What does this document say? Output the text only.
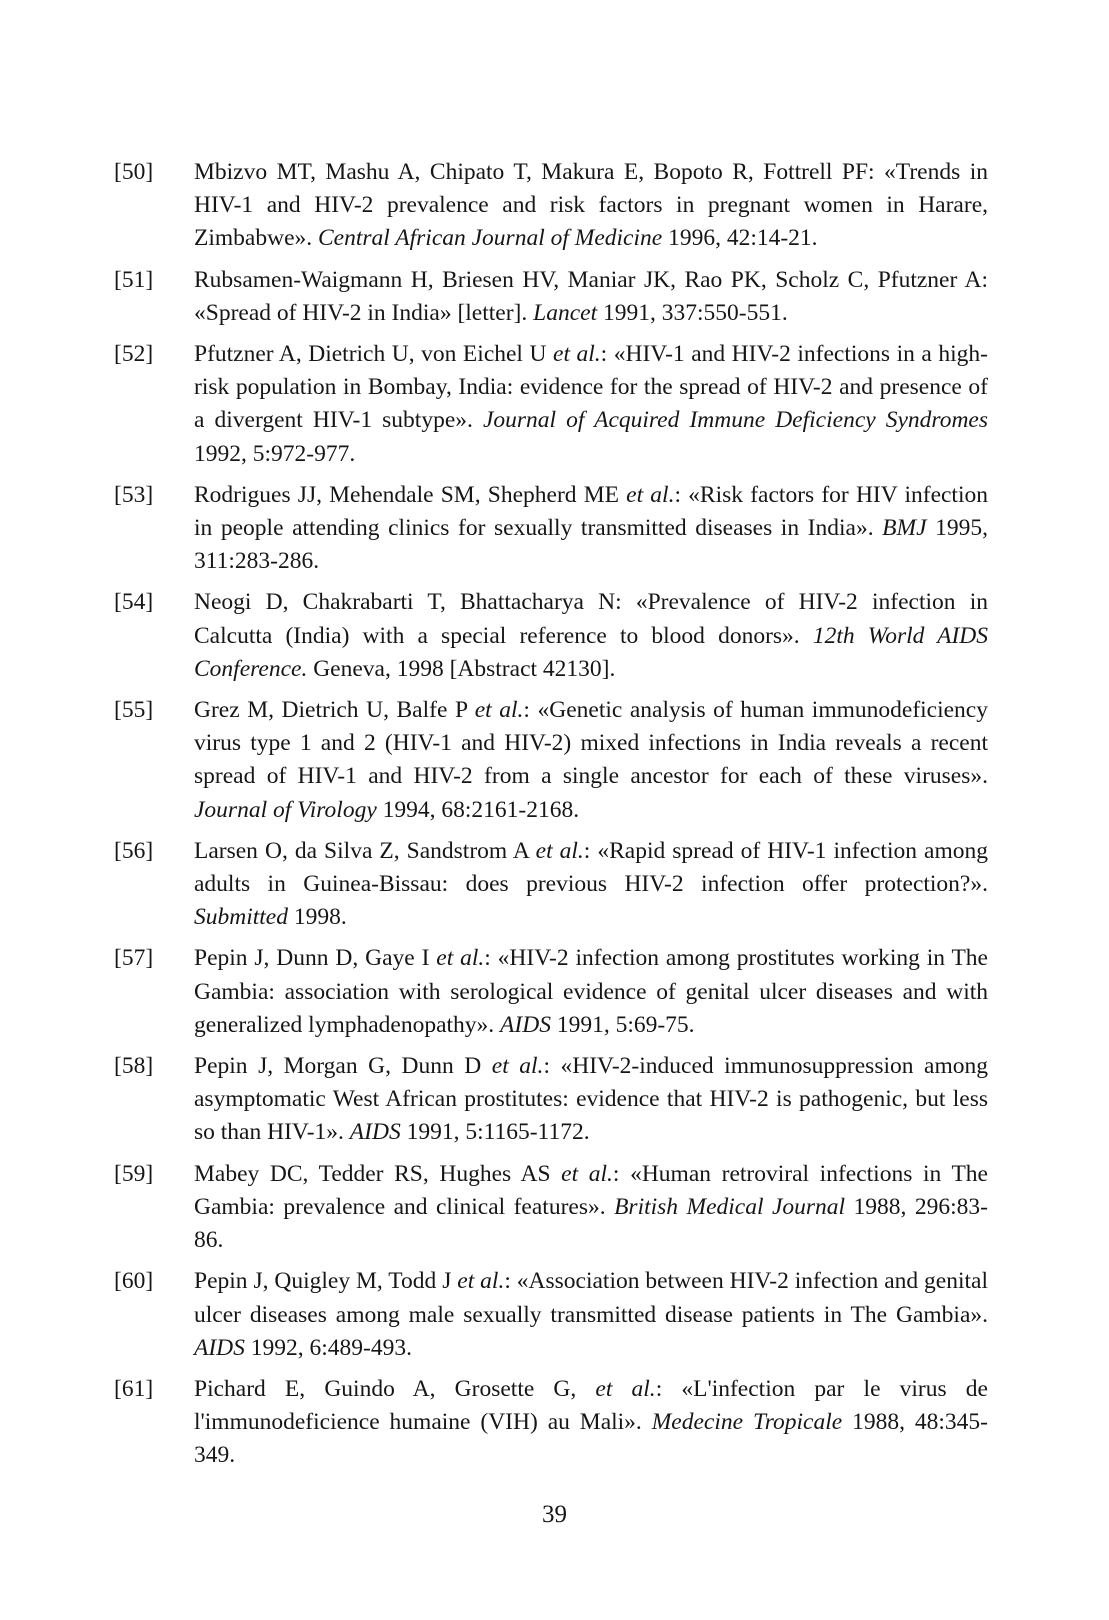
[50]	Mbizvo MT, Mashu A, Chipato T, Makura E, Bopoto R, Fottrell PF: «Trends in HIV-1 and HIV-2 prevalence and risk factors in pregnant women in Harare, Zimbabwe». Central African Journal of Medicine 1996, 42:14-21.
[51]	Rubsamen-Waigmann H, Briesen HV, Maniar JK, Rao PK, Scholz C, Pfutzner A: «Spread of HIV-2 in India» [letter]. Lancet 1991, 337:550-551.
[52]	Pfutzner A, Dietrich U, von Eichel U et al.: «HIV-1 and HIV-2 infections in a high-risk population in Bombay, India: evidence for the spread of HIV-2 and presence of a divergent HIV-1 subtype». Journal of Acquired Immune Deficiency Syndromes 1992, 5:972-977.
[53]	Rodrigues JJ, Mehendale SM, Shepherd ME et al.: «Risk factors for HIV infection in people attending clinics for sexually transmitted diseases in India». BMJ 1995, 311:283-286.
[54]	Neogi D, Chakrabarti T, Bhattacharya N: «Prevalence of HIV-2 infection in Calcutta (India) with a special reference to blood donors». 12th World AIDS Conference. Geneva, 1998 [Abstract 42130].
[55]	Grez M, Dietrich U, Balfe P et al.: «Genetic analysis of human immunodeficiency virus type 1 and 2 (HIV-1 and HIV-2) mixed infections in India reveals a recent spread of HIV-1 and HIV-2 from a single ancestor for each of these viruses». Journal of Virology 1994, 68:2161-2168.
[56]	Larsen O, da Silva Z, Sandstrom A et al.: «Rapid spread of HIV-1 infection among adults in Guinea-Bissau: does previous HIV-2 infection offer protection?». Submitted 1998.
[57]	Pepin J, Dunn D, Gaye I et al.: «HIV-2 infection among prostitutes working in The Gambia: association with serological evidence of genital ulcer diseases and with generalized lymphadenopathy». AIDS 1991, 5:69-75.
[58]	Pepin J, Morgan G, Dunn D et al.: «HIV-2-induced immunosuppression among asymptomatic West African prostitutes: evidence that HIV-2 is pathogenic, but less so than HIV-1». AIDS 1991, 5:1165-1172.
[59]	Mabey DC, Tedder RS, Hughes AS et al.: «Human retroviral infections in The Gambia: prevalence and clinical features». British Medical Journal 1988, 296:83-86.
[60]	Pepin J, Quigley M, Todd J et al.: «Association between HIV-2 infection and genital ulcer diseases among male sexually transmitted disease patients in The Gambia». AIDS 1992, 6:489-493.
[61]	Pichard E, Guindo A, Grosette G, et al.: «L'infection par le virus de l'immunodeficience humaine (VIH) au Mali». Medecine Tropicale 1988, 48:345-349.
39
